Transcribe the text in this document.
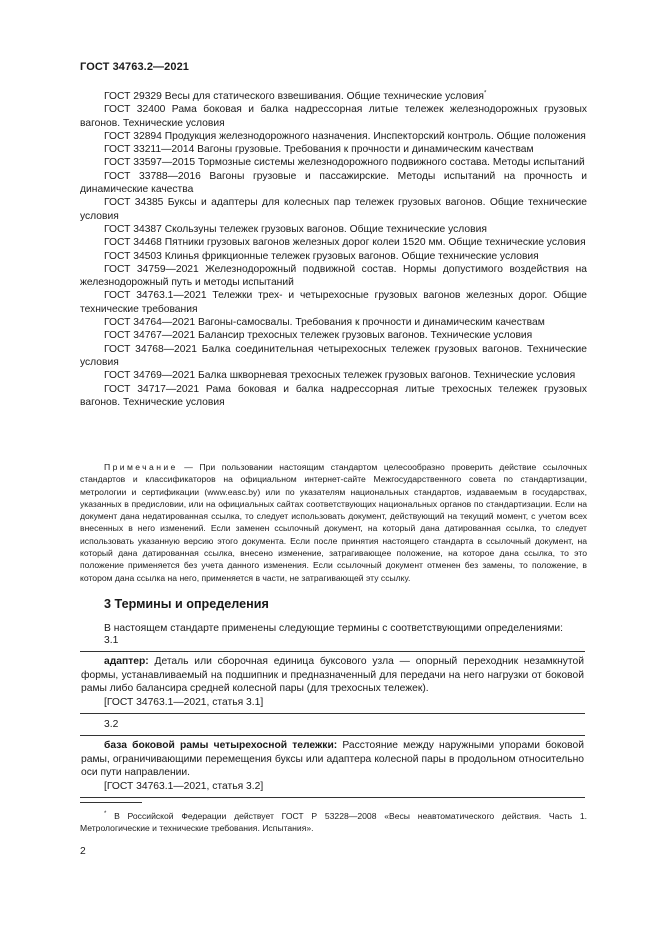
ГОСТ 34763.2—2021

ГОСТ 29329 Весы для статического взвешивания. Общие технические условия*

ГОСТ 32400 Рама боковая и балка надрессорная литые тележек железнодорожных грузовых вагонов. Технические условия

ГОСТ 32894 Продукция железнодорожного назначения. Инспекторский контроль. Общие положения

ГОСТ 33211—2014 Вагоны грузовые. Требования к прочности и динамическим качествам

ГОСТ 33597—2015 Тормозные системы железнодорожного подвижного состава. Методы испытаний

ГОСТ 33788—2016 Вагоны грузовые и пассажирские. Методы испытаний на прочность и динамические качества

ГОСТ 34385 Буксы и адаптеры для колесных пар тележек грузовых вагонов. Общие технические условия

ГОСТ 34387 Скользуны тележек грузовых вагонов. Общие технические условия

ГОСТ 34468 Пятники грузовых вагонов железных дорог колеи 1520 мм. Общие технические условия

ГОСТ 34503 Клинья фрикционные тележек грузовых вагонов. Общие технические условия

ГОСТ 34759—2021 Железнодорожный подвижной состав. Нормы допустимого воздействия на железнодорожный путь и методы испытаний

ГОСТ 34763.1—2021 Тележки трех- и четырехосные грузовых вагонов железных дорог. Общие технические требования

ГОСТ 34764—2021 Вагоны-самосвалы. Требования к прочности и динамическим качествам

ГОСТ 34767—2021 Балансир трехосных тележек грузовых вагонов. Технические условия

ГОСТ 34768—2021 Балка соединительная четырехосных тележек грузовых вагонов. Технические условия

ГОСТ 34769—2021 Балка шкворневая трехосных тележек грузовых вагонов. Технические условия

ГОСТ 34717—2021 Рама боковая и балка надрессорная литые трехосных тележек грузовых вагонов. Технические условия

Примечание — При пользовании настоящим стандартом целесообразно проверить действие ссылочных стандартов и классификаторов на официальном интернет-сайте Межгосударственного совета по стандартизации, метрологии и сертификации (www.easc.by) или по указателям национальных стандартов, издаваемым в государствах, указанных в предисловии, или на официальных сайтах соответствующих национальных органов по стандартизации. Если на документ дана недатированная ссылка, то следует использовать документ, действующий на текущий момент, с учетом всех внесенных в него изменений. Если заменен ссылочный документ, на который дана датированная ссылка, то следует использовать указанную версию этого документа. Если после принятия настоящего стандарта в ссылочный документ, на который дана датированная ссылка, внесено изменение, затрагивающее положение, на которое дана ссылка, то это положение применяется без учета данного изменения. Если ссылочный документ отменен без замены, то положение, в котором дана ссылка на него, применяется в части, не затрагивающей эту ссылку.

3 Термины и определения

В настоящем стандарте применены следующие термины с соответствующими определениями:

3.1

адаптер: Деталь или сборочная единица буксового узла — опорный переходник незамкнутой формы, устанавливаемый на подшипник и предназначенный для передачи на него нагрузки от боковой рамы либо балансира средней колесной пары (для трехосных тележек).

[ГОСТ 34763.1—2021, статья 3.1]

3.2

база боковой рамы четырехосной тележки: Расстояние между наружными упорами боковой рамы, ограничивающими перемещения буксы или адаптера колесной пары в продольном относительно оси пути направлении.

[ГОСТ 34763.1—2021, статья 3.2]

* В Российской Федерации действует ГОСТ Р 53228—2008 «Весы неавтоматического действия. Часть 1. Метрологические и технические требования. Испытания».

2
